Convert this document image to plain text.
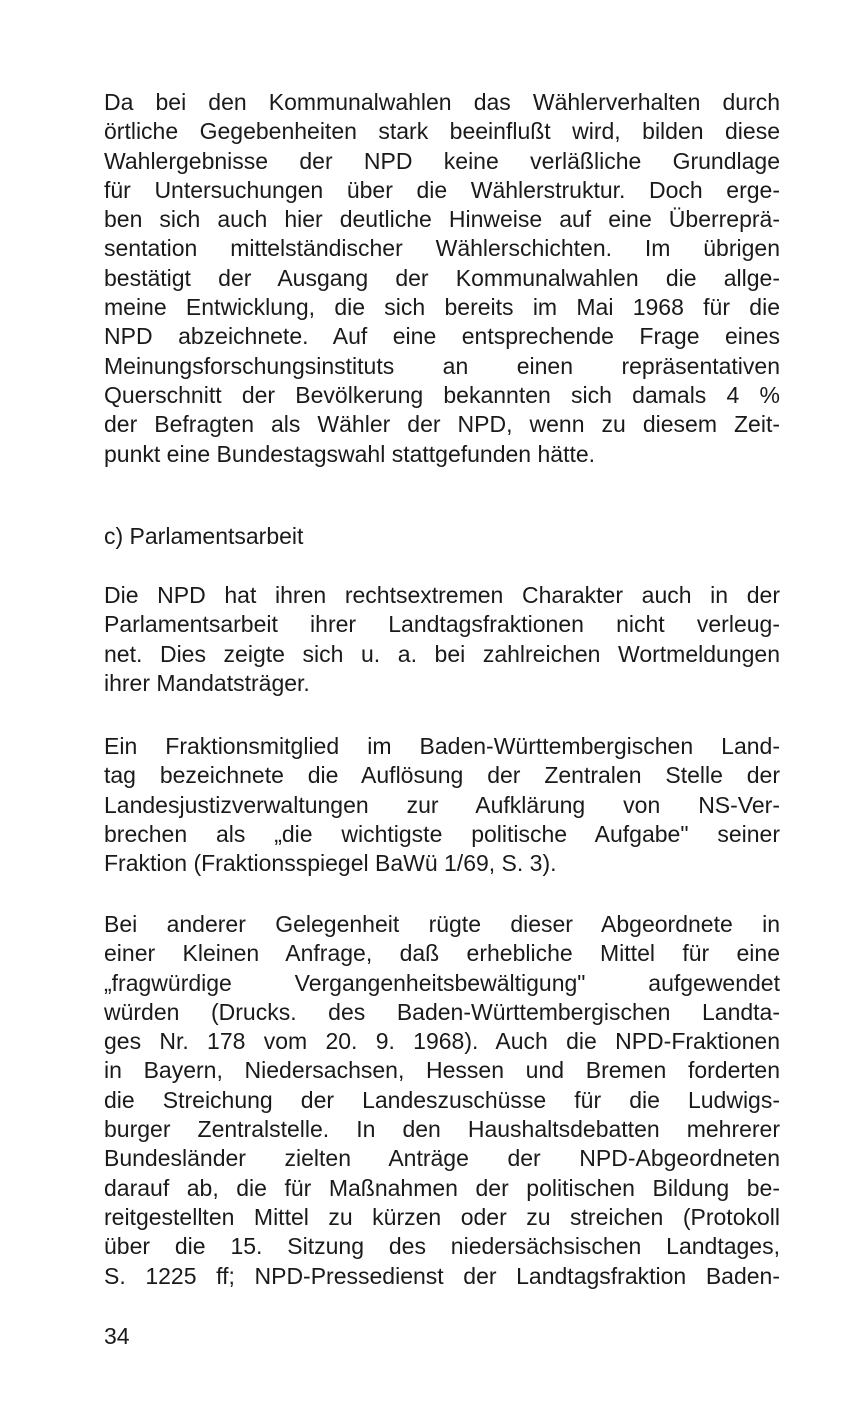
Da bei den Kommunalwahlen das Wählerverhalten durch
örtliche Gegebenheiten stark beeinflußt wird, bilden diese
Wahlergebnisse der NPD keine verläßliche Grundlage
für Untersuchungen über die Wählerstruktur. Doch erge-
ben sich auch hier deutliche Hinweise auf eine Überreprä-
sentation mittelständischer Wählerschichten. Im übrigen
bestätigt der Ausgang der Kommunalwahlen die allge-
meine Entwicklung, die sich bereits im Mai 1968 für die
NPD abzeichnete. Auf eine entsprechende Frage eines
Meinungsforschungsinstituts an einen repräsentativen
Querschnitt der Bevölkerung bekannten sich damals 4 %
der Befragten als Wähler der NPD, wenn zu diesem Zeit-
punkt eine Bundestagswahl stattgefunden hätte.
c) Parlamentsarbeit
Die NPD hat ihren rechtsextremen Charakter auch in der
Parlamentsarbeit ihrer Landtagsfraktionen nicht verleug-
net. Dies zeigte sich u. a. bei zahlreichen Wortmeldungen
ihrer Mandatsträger.
Ein Fraktionsmitglied im Baden-Württembergischen Land-
tag bezeichnete die Auflösung der Zentralen Stelle der
Landesjustizverwaltungen zur Aufklärung von NS-Ver-
brechen als „die wichtigste politische Aufgabe" seiner
Fraktion (Fraktionsspiegel BaWü 1/69, S. 3).
Bei anderer Gelegenheit rügte dieser Abgeordnete in
einer Kleinen Anfrage, daß erhebliche Mittel für eine
„fragwürdige Vergangenheitsbewältigung" aufgewendet
würden (Drucks. des Baden-Württembergischen Landta-
ges Nr. 178 vom 20. 9. 1968). Auch die NPD-Fraktionen
in Bayern, Niedersachsen, Hessen und Bremen forderten
die Streichung der Landeszuschüsse für die Ludwigs-
burger Zentralstelle. In den Haushaltsdebatten mehrerer
Bundesländer zielten Anträge der NPD-Abgeordneten
darauf ab, die für Maßnahmen der politischen Bildung be-
reitgestellten Mittel zu kürzen oder zu streichen (Protokoll
über die 15. Sitzung des niedersächsischen Landtages,
S. 1225 ff; NPD-Pressedienst der Landtagsfraktion Baden-
34
